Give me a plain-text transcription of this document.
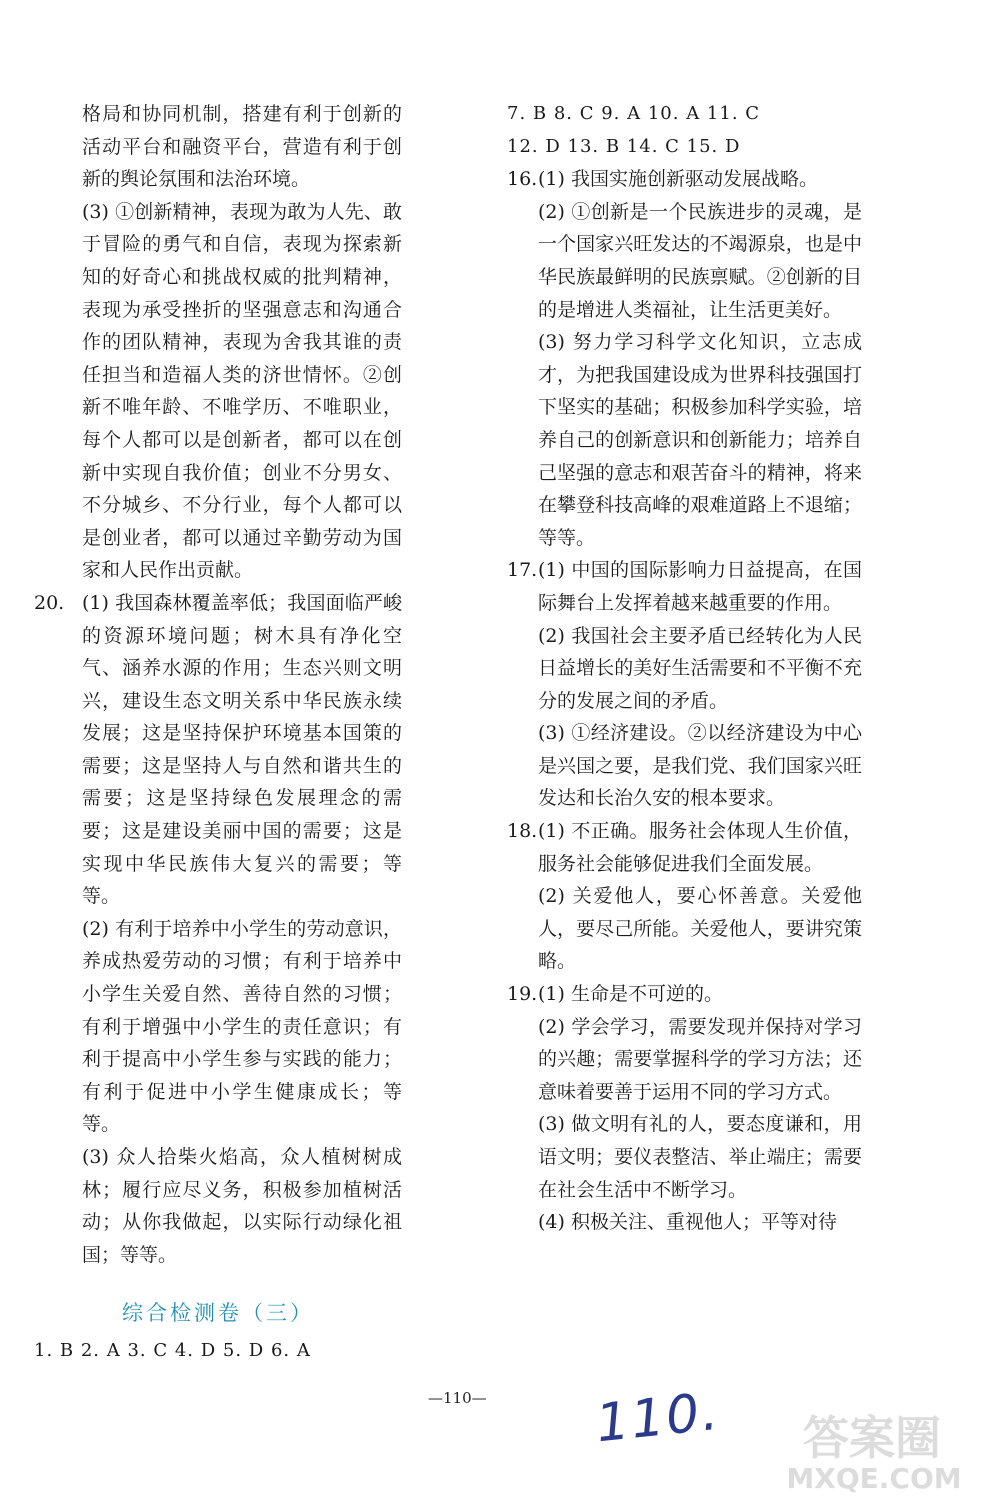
格局和协同机制，搭建有利于创新的活动平台和融资平台，营造有利于创新的舆论氛围和法治环境。

(3) ①创新精神，表现为敢为人先、敢于冒险的勇气和自信，表现为探索新知的好奇心和挑战权威的批判精神，表现为承受挫折的坚强意志和沟通合作的团队精神，表现为舍我其谁的责任担当和造福人类的济世情怀。②创新不唯年龄、不唯学历、不唯职业，每个人都可以是创新者，都可以在创新中实现自我价值；创业不分男女、不分城乡、不分行业，每个人都可以是创业者，都可以通过辛勤劳动为国家和人民作出贡献。

20. (1) 我国森林覆盖率低；我国面临严峻的资源环境问题；树木具有净化空气、涵养水源的作用；生态兴则文明兴，建设生态文明关系中华民族永续发展；这是坚持保护环境基本国策的需要；这是坚持人与自然和谐共生的需要；这是坚持绿色发展理念的需要；这是建设美丽中国的需要；这是实现中华民族伟大复兴的需要；等等。

(2) 有利于培养中小学生的劳动意识，养成热爱劳动的习惯；有利于培养中小学生关爱自然、善待自然的习惯；有利于增强中小学生的责任意识；有利于提高中小学生参与实践的能力；有利于促进中小学生健康成长；等等。

(3) 众人拾柴火焰高，众人植树树成林；履行应尽义务，积极参加植树活动；从你我做起，以实际行动绿化祖国；等等。

综合检测卷（三）

1. B 2. A 3. C 4. D 5. D 6. A

7. B 8. C 9. A 10. A 11. C

12. D 13. B 14. C 15. D

16. (1) 我国实施创新驱动发展战略。

(2) ①创新是一个民族进步的灵魂，是一个国家兴旺发达的不竭源泉，也是中华民族最鲜明的民族禀赋。②创新的目的是增进人类福祉，让生活更美好。

(3) 努力学习科学文化知识，立志成才，为把我国建设成为世界科技强国打下坚实的基础；积极参加科学实验，培养自己的创新意识和创新能力；培养自己坚强的意志和艰苦奋斗的精神，将来在攀登科技高峰的艰难道路上不退缩；等等。

17. (1) 中国的国际影响力日益提高，在国际舞台上发挥着越来越重要的作用。

(2) 我国社会主要矛盾已经转化为人民日益增长的美好生活需要和不平衡不充分的发展之间的矛盾。

(3) ①经济建设。②以经济建设为中心是兴国之要，是我们党、我们国家兴旺发达和长治久安的根本要求。

18. (1) 不正确。服务社会体现人生价值，服务社会能够促进我们全面发展。

(2) 关爱他人，要心怀善意。关爱他人，要尽己所能。关爱他人，要讲究策略。

19. (1) 生命是不可逆的。

(2) 学会学习，需要发现并保持对学习的兴趣；需要掌握科学的学习方法；还意味着要善于运用不同的学习方式。

(3) 做文明有礼的人，要态度谦和，用语文明；要仪表整洁、举止端庄；需要在社会生活中不断学习。

(4) 积极关注、重视他人；平等对待

—110— 110. 答案圈
MXQE.COM
